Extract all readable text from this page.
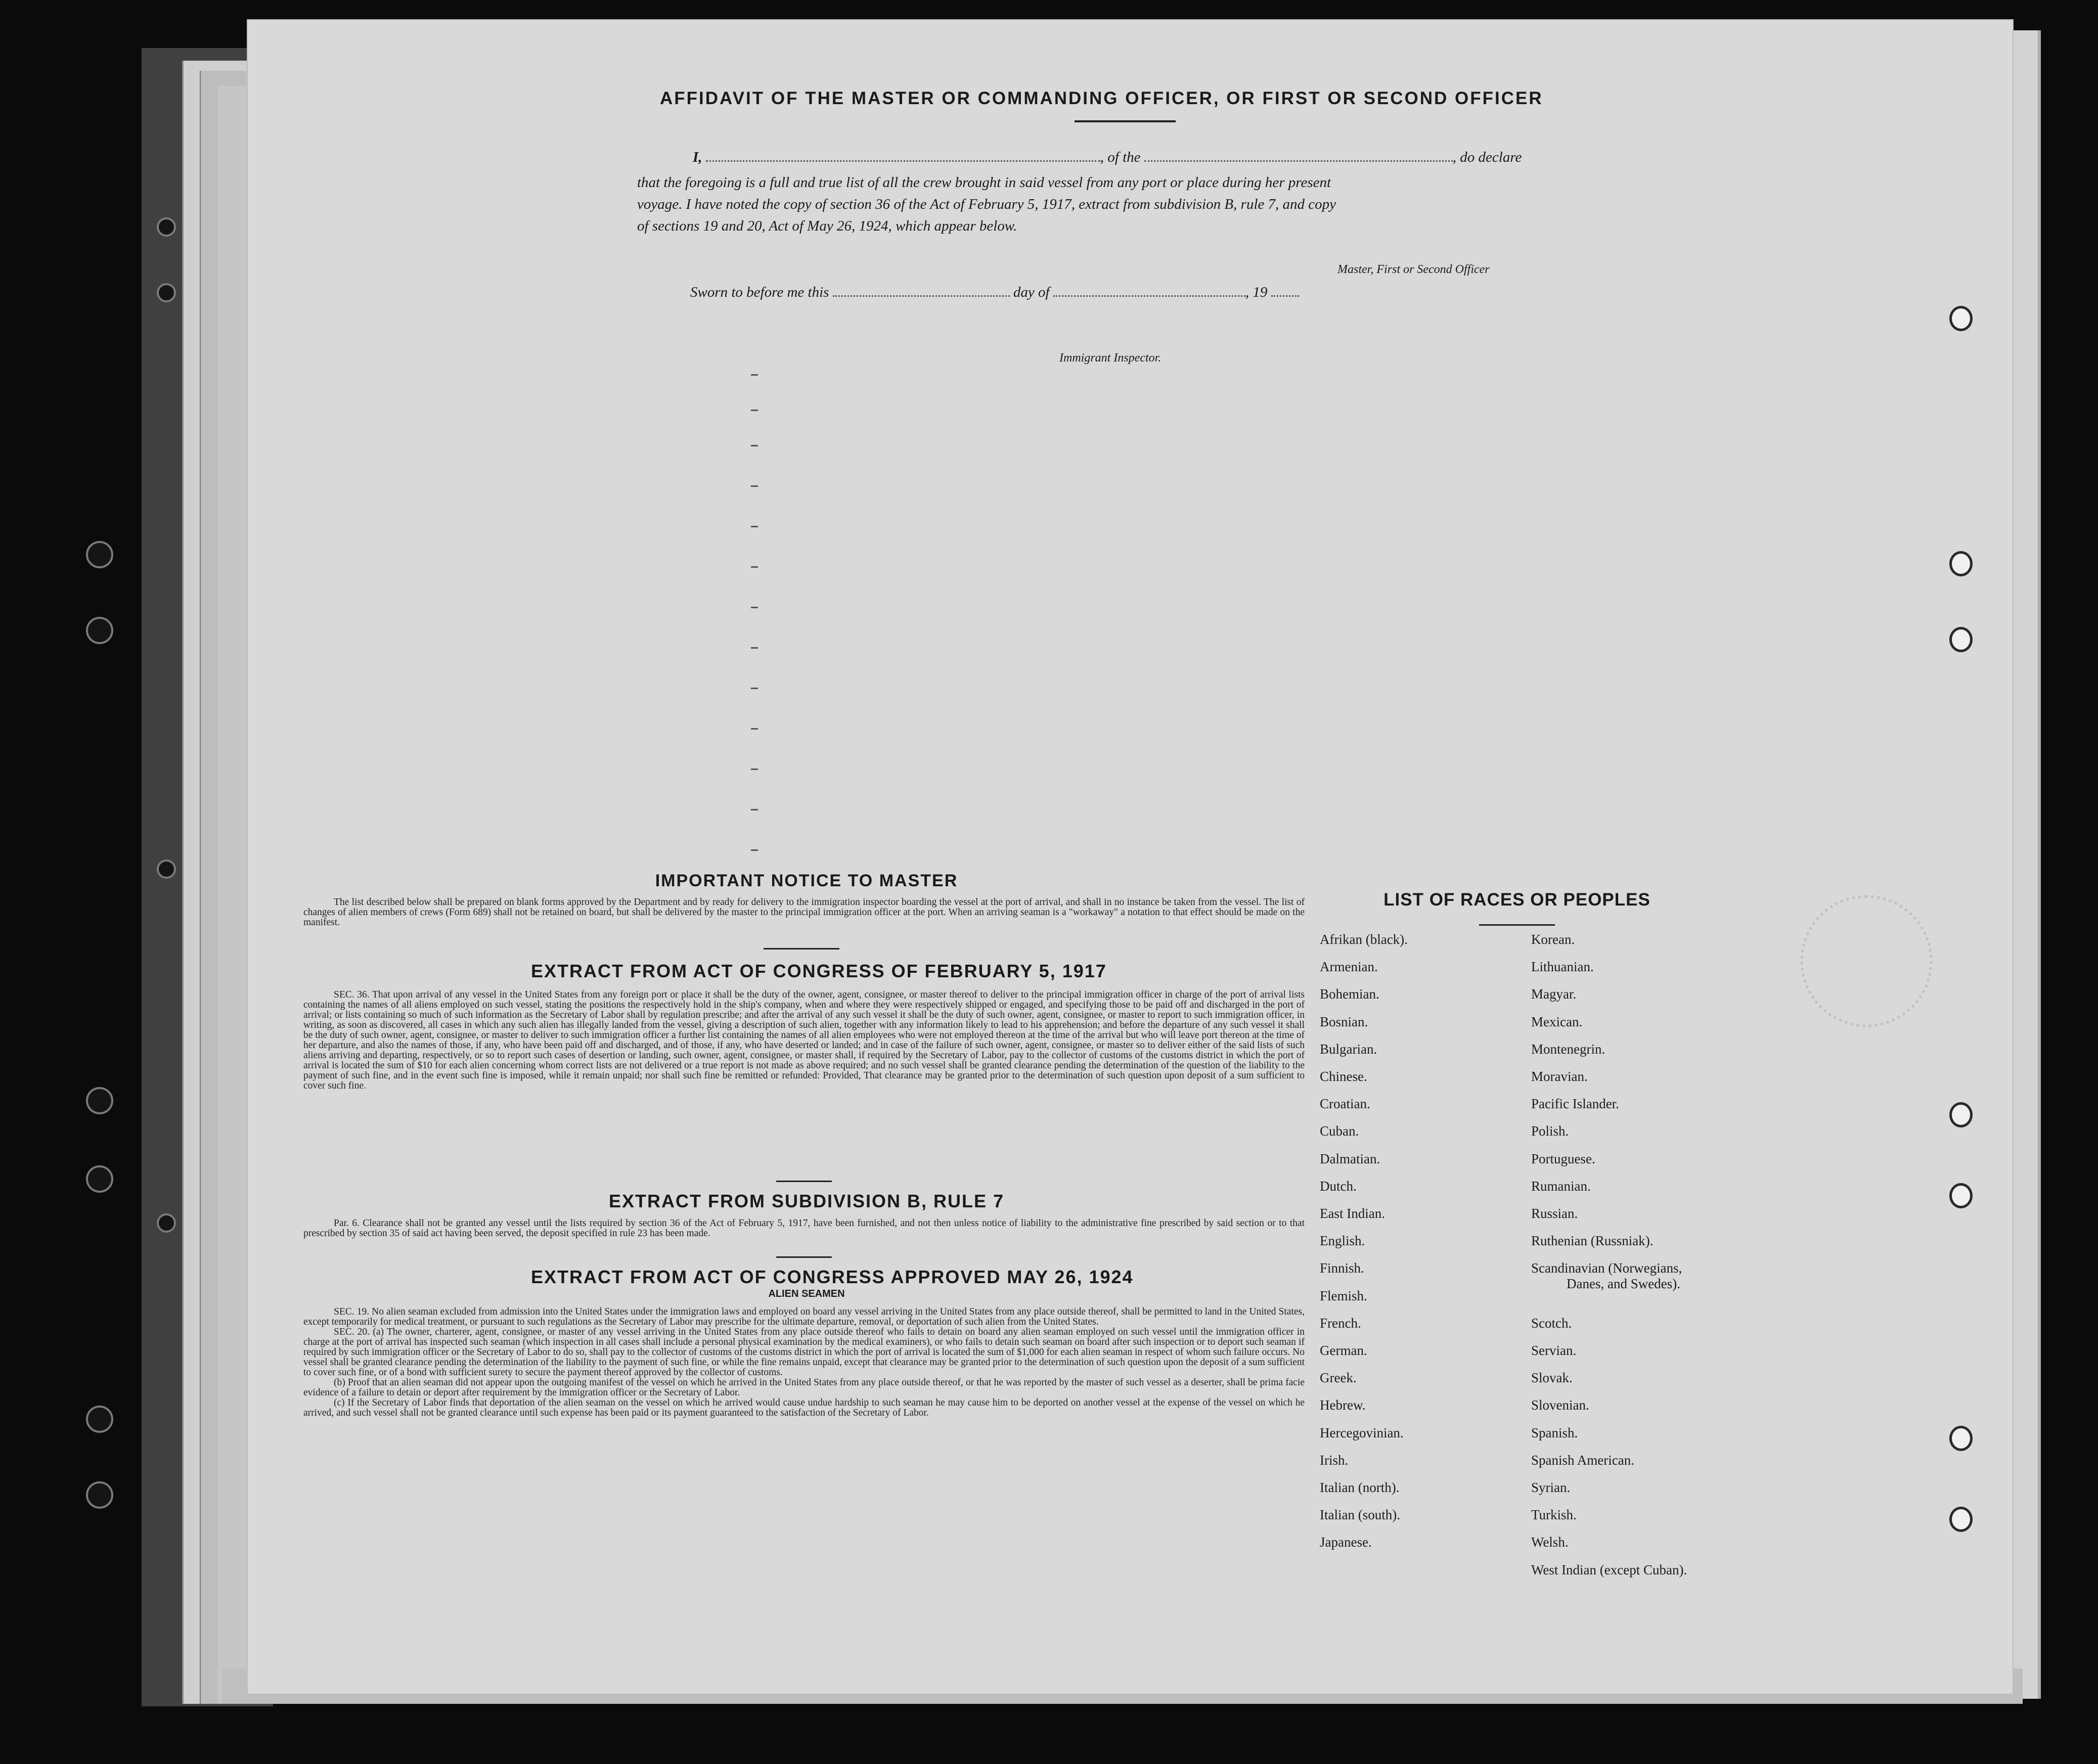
AFFIDAVIT OF THE MASTER OR COMMANDING OFFICER, OR FIRST OR SECOND OFFICER
I,	, of the	, do declare
that the foregoing is a full and true list of all the crew brought in said vessel from any port or place during her present
voyage. I have noted the copy of section 36 of the Act of February 5, 1917, extract from subdivision B, rule 7, and copy
of sections 19 and 20, Act of May 26, 1924, which appear below.
Master, First or Second Officer
Sworn to before me this	day of	, 19
Immigrant Inspector.
IMPORTANT NOTICE TO MASTER
The list described below shall be prepared on blank forms approved by the Department and by ready for delivery to the immigration inspector boarding the vessel at the port of arrival, and shall in no instance be taken from the vessel. The list of changes of alien members of crews (Form 689) shall not be retained on board, but shall be delivered by the master to the principal immigration officer at the port. When an arriving seaman is a "workaway" a notation to that effect should be made on the manifest.
EXTRACT FROM ACT OF CONGRESS OF FEBRUARY 5, 1917
SEC. 36. That upon arrival of any vessel in the United States from any foreign port or place it shall be the duty of the owner, agent, consignee, or master thereof to deliver to the principal immigration officer in charge of the port of arrival lists containing the names of all aliens employed on such vessel, stating the positions the respectively hold in the ship's company, when and where they were respectively shipped or engaged, and specifying those to be paid off and discharged in the port of arrival; or lists containing so much of such information as the Secretary of Labor shall by regulation prescribe; and after the arrival of any such vessel it shall be the duty of such owner, agent, consignee, or master to report to such immigration officer, in writing, as soon as discovered, all cases in which any such alien has illegally landed from the vessel, giving a description of such alien, together with any information likely to lead to his apprehension; and before the departure of any such vessel it shall be the duty of such owner, agent, consignee, or master to deliver to such immigration officer a further list containing the names of all alien employees who were not employed thereon at the time of the arrival but who will leave port thereon at the time of her departure, and also the names of those, if any, who have been paid off and discharged, and of those, if any, who have deserted or landed; and in case of the failure of such owner, agent, consignee, or master so to deliver either of the said lists of such aliens arriving and departing, respectively, or so to report such cases of desertion or landing, such owner, agent, consignee, or master shall, if required by the Secretary of Labor, pay to the collector of customs of the customs district in which the port of arrival is located the sum of $10 for each alien concerning whom correct lists are not delivered or a true report is not made as above required; and no such vessel shall be granted clearance pending the determination of the question of the liability to the payment of such fine, and in the event such fine is imposed, while it remain unpaid; nor shall such fine be remitted or refunded: Provided, That clearance may be granted prior to the determination of such question upon deposit of a sum sufficient to cover such fine.
EXTRACT FROM SUBDIVISION B, RULE 7
Par. 6. Clearance shall not be granted any vessel until the lists required by section 36 of the Act of February 5, 1917, have been furnished, and not then unless notice of liability to the administrative fine prescribed by said section or to that prescribed by section 35 of said act having been served, the deposit specified in rule 23 has been made.
EXTRACT FROM ACT OF CONGRESS APPROVED MAY 26, 1924
ALIEN SEAMEN
SEC. 19. No alien seaman excluded from admission into the United States under the immigration laws and employed on board any vessel arriving in the United States from any place outside thereof, shall be permitted to land in the United States, except temporarily for medical treatment, or pursuant to such regulations as the Secretary of Labor may prescribe for the ultimate departure, removal, or deportation of such alien from the United States.
SEC. 20. (a) The owner, charterer, agent, consignee, or master of any vessel arriving in the United States from any place outside thereof who fails to detain on board any alien seaman employed on such vessel until the immigration officer in charge at the port of arrival has inspected such seaman (which inspection in all cases shall include a personal physical examination by the medical examiners), or who fails to detain such seaman on board after such inspection or to deport such seaman if required by such immigration officer or the Secretary of Labor to do so, shall pay to the collector of customs of the customs district in which the port of arrival is located the sum of $1,000 for each alien seaman in respect of whom such failure occurs. No vessel shall be granted clearance pending the determination of the liability to the payment of such fine, or while the fine remains unpaid, except that clearance may be granted prior to the determination of such question upon the deposit of a sum sufficient to cover such fine, or of a bond with sufficient surety to secure the payment thereof approved by the collector of customs.
(b) Proof that an alien seaman did not appear upon the outgoing manifest of the vessel on which he arrived in the United States from any place outside thereof, or that he was reported by the master of such vessel as a deserter, shall be prima facie evidence of a failure to detain or deport after requirement by the immigration officer or the Secretary of Labor.
(c) If the Secretary of Labor finds that deportation of the alien seaman on the vessel on which he arrived would cause undue hardship to such seaman he may cause him to be deported on another vessel at the expense of the vessel on which he arrived, and such vessel shall not be granted clearance until such expense has been paid or its payment guaranteed to the satisfaction of the Secretary of Labor.
LIST OF RACES OR PEOPLES
Afrikan (black).
Armenian.
Bohemian.
Bosnian.
Bulgarian.
Chinese.
Croatian.
Cuban.
Dalmatian.
Dutch.
East Indian.
English.
Finnish.
Flemish.
French.
German.
Greek.
Hebrew.
Hercegovinian.
Irish.
Italian (north).
Italian (south).
Japanese.
Korean.
Lithuanian.
Magyar.
Mexican.
Montenegrin.
Moravian.
Pacific Islander.
Polish.
Portuguese.
Rumanian.
Russian.
Ruthenian (Russniak).
Scandinavian (Norwegians,
Danes, and Swedes).
Scotch.
Servian.
Slovak.
Slovenian.
Spanish.
Spanish American.
Syrian.
Turkish.
Welsh.
West Indian (except Cuban).
